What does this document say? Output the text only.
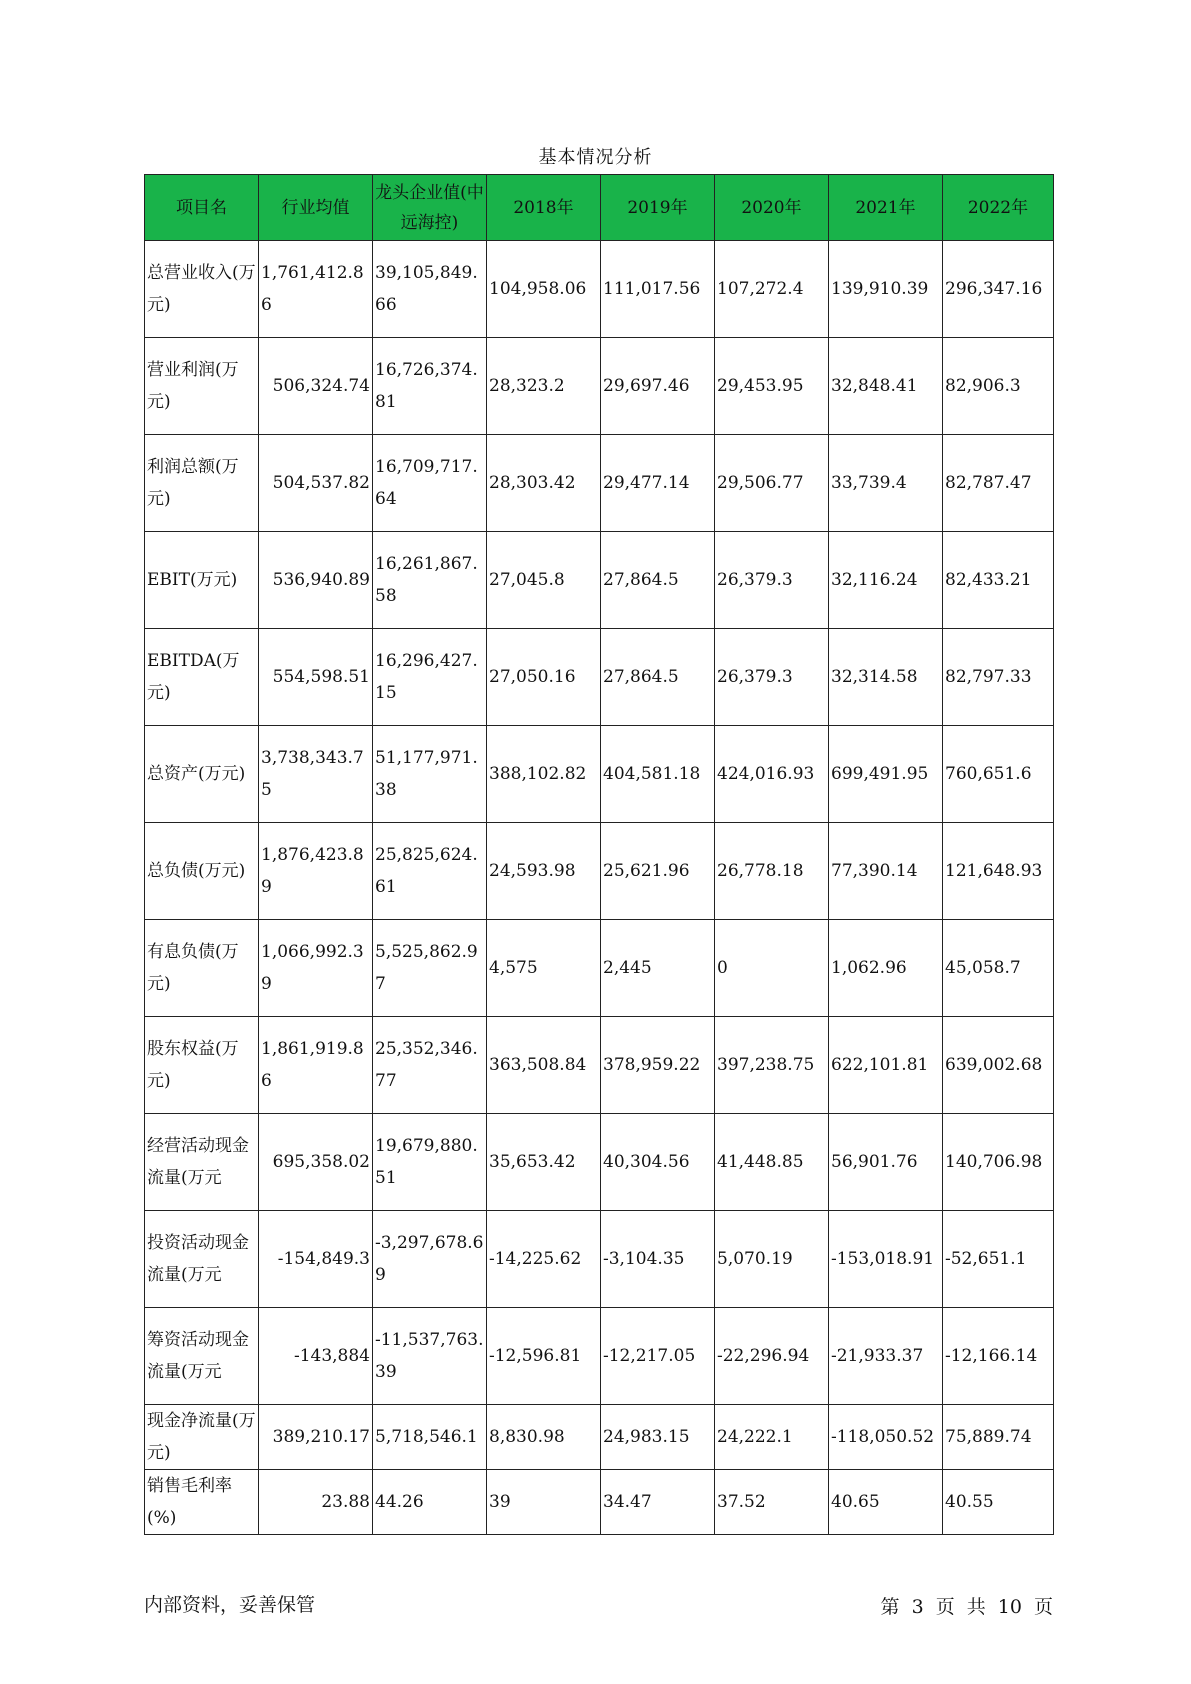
基本情况分析
项目名	行业均值	龙头企业值(中远海控)	2018年	2019年	2020年	2021年	2022年
总营业收入(万元)	1,761,412.86	39,105,849.66	104,958.06	111,017.56	107,272.4	139,910.39	296,347.16
营业利润(万元)	506,324.74	16,726,374.81	28,323.2	29,697.46	29,453.95	32,848.41	82,906.3
利润总额(万元)	504,537.82	16,709,717.64	28,303.42	29,477.14	29,506.77	33,739.4	82,787.47
EBIT(万元)	536,940.89	16,261,867.58	27,045.8	27,864.5	26,379.3	32,116.24	82,433.21
EBITDA(万元)	554,598.51	16,296,427.15	27,050.16	27,864.5	26,379.3	32,314.58	82,797.33
总资产(万元)	3,738,343.75	51,177,971.38	388,102.82	404,581.18	424,016.93	699,491.95	760,651.6
总负债(万元)	1,876,423.89	25,825,624.61	24,593.98	25,621.96	26,778.18	77,390.14	121,648.93
有息负债(万元)	1,066,992.39	5,525,862.97	4,575	2,445	0	1,062.96	45,058.7
股东权益(万元)	1,861,919.86	25,352,346.77	363,508.84	378,959.22	397,238.75	622,101.81	639,002.68
经营活动现金流量(万元	695,358.02	19,679,880.51	35,653.42	40,304.56	41,448.85	56,901.76	140,706.98
投资活动现金流量(万元	-154,849.3	-3,297,678.69	-14,225.62	-3,104.35	5,070.19	-153,018.91	-52,651.1
筹资活动现金流量(万元	-143,884	-11,537,763.39	-12,596.81	-12,217.05	-22,296.94	-21,933.37	-12,166.14
现金净流量(万元)	389,210.17	5,718,546.1	8,830.98	24,983.15	24,222.1	-118,050.52	75,889.74
销售毛利率(%)	23.88	44.26	39	34.47	37.52	40.65	40.55
内部资料，妥善保管	第 3 页 共 10 页
